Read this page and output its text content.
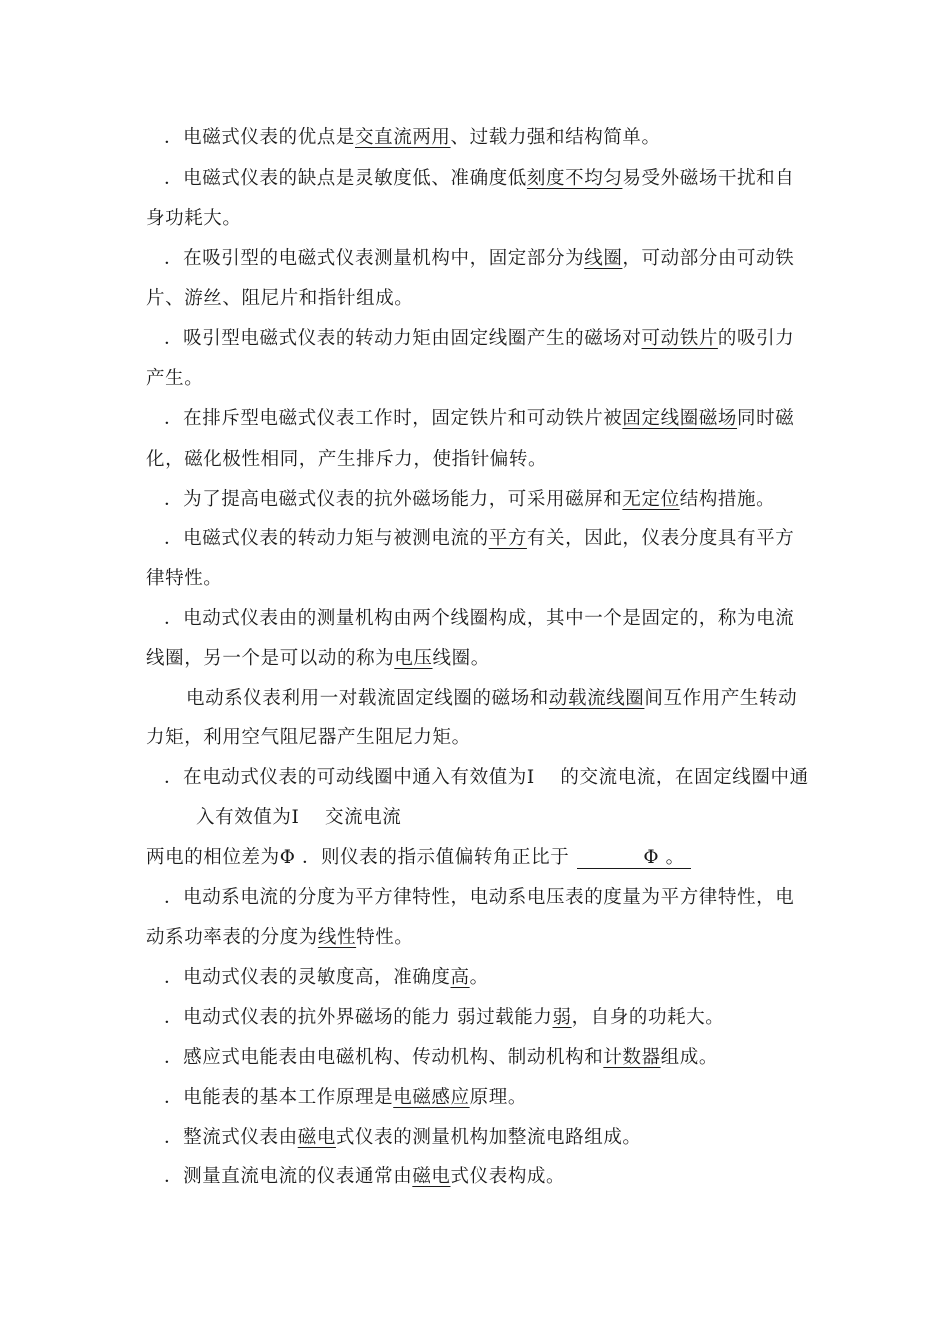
．电磁式仪表的优点是交直流两用、过载力强和结构简单。
．电磁式仪表的缺点是灵敏度低、准确度低刻度不均匀易受外磁场干扰和自
身功耗大。
．在吸引型的电磁式仪表测量机构中，固定部分为线圈，可动部分由可动铁
片、游丝、阻尼片和指针组成。
．吸引型电磁式仪表的转动力矩由固定线圈产生的磁场对可动铁片的吸引力
产生。
．在排斥型电磁式仪表工作时，固定铁片和可动铁片被固定线圈磁场同时磁
化，磁化极性相同，产生排斥力，使指针偏转。
．为了提高电磁式仪表的抗外磁场能力，可采用磁屏和无定位结构措施。
．电磁式仪表的转动力矩与被测电流的平方有关，因此，仪表分度具有平方
律特性。
．电动式仪表由的测量机构由两个线圈构成，其中一个是固定的，称为电流
线圈，另一个是可以动的称为电压线圈。
电动系仪表利用一对载流固定线圈的磁场和动载流线圈间互作用产生转动
力矩，利用空气阻尼器产生阻尼力矩。
．在电动式仪表的可动线圈中通入有效值为I　 的交流电流，在固定线圈中通
入有效值为I　 交流电流
两电的相位差为Φ ．则仪表的指示值偏转角正比于	Φ 。
．电动系电流的分度为平方律特性，电动系电压表的度量为平方律特性，电
动系功率表的分度为线性特性。
．电动式仪表的灵敏度高，准确度高。
．电动式仪表的抗外界磁场的能力 弱过载能力弱，自身的功耗大。
．感应式电能表由电磁机构、传动机构、制动机构和计数器组成。
．电能表的基本工作原理是电磁感应原理。
．整流式仪表由磁电式仪表的测量机构加整流电路组成。
．测量直流电流的仪表通常由磁电式仪表构成。
